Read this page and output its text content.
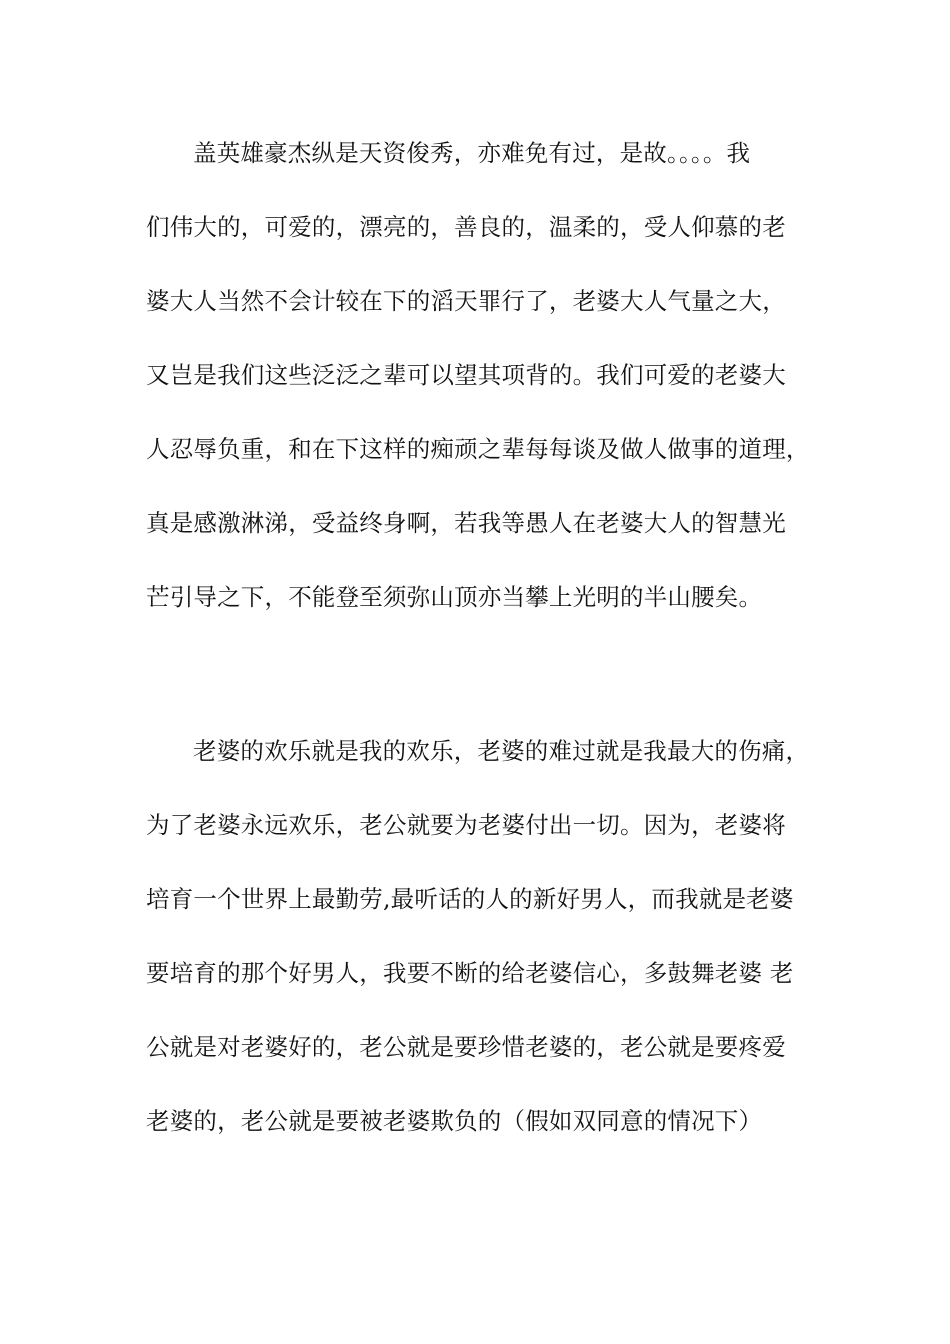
盖英雄豪杰纵是天资俊秀，亦难免有过，是故。。。。我
们伟大的，可爱的，漂亮的，善良的，温柔的，受人仰慕的老
婆大人当然不会计较在下的滔天罪行了，老婆大人气量之大，
又岂是我们这些泛泛之辈可以望其项背的。我们可爱的老婆大
人忍辱负重，和在下这样的痴顽之辈每每谈及做人做事的道理，
真是感激淋涕，受益终身啊，若我等愚人在老婆大人的智慧光
芒引导之下，不能登至须弥山顶亦当攀上光明的半山腰矣。
老婆的欢乐就是我的欢乐，老婆的难过就是我最大的伤痛，
为了老婆永远欢乐，老公就要为老婆付出一切。因为，老婆将
培育一个世界上最勤劳,最听话的人的新好男人，而我就是老婆
要培育的那个好男人，我要不断的给老婆信心，多鼓舞老婆 老
公就是对老婆好的，老公就是要珍惜老婆的，老公就是要疼爱
老婆的，老公就是要被老婆欺负的（假如双同意的情况下）
